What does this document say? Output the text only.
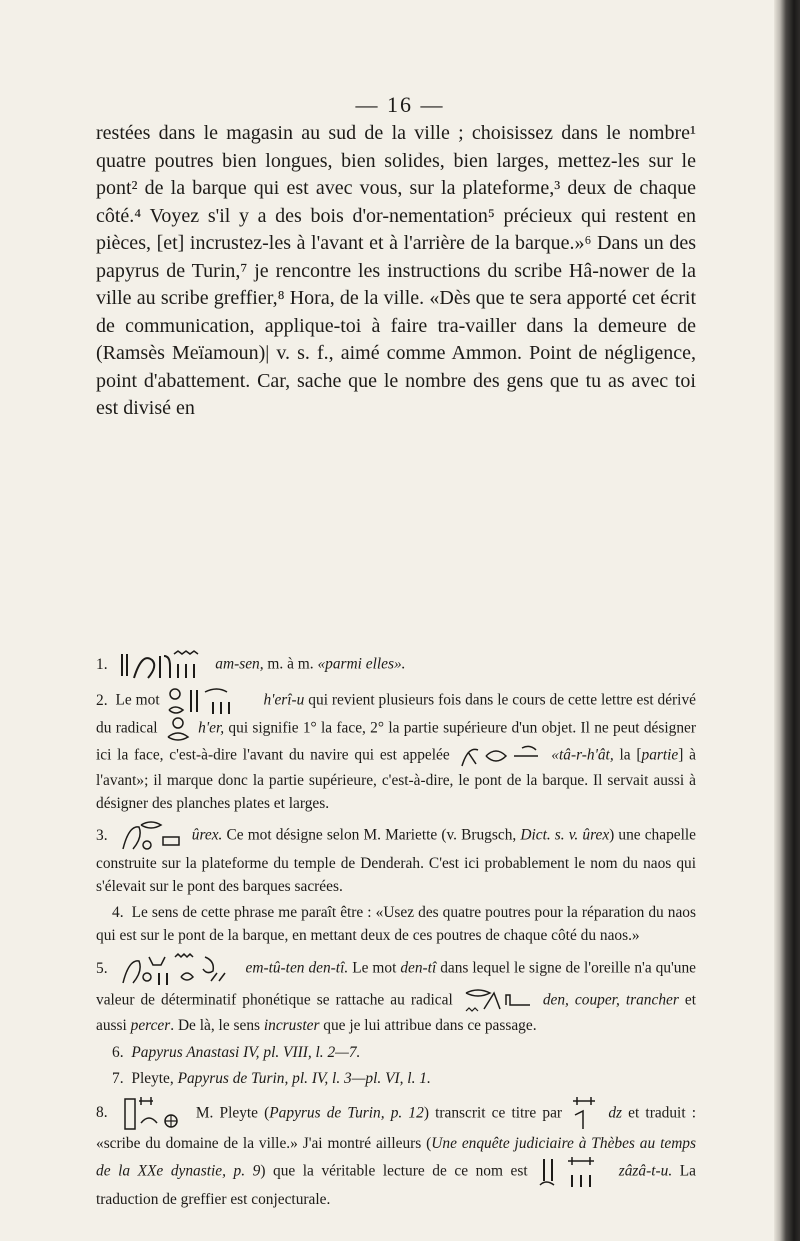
— 16 —

restées dans le magasin au sud de la ville ; choisissez dans le nombre¹ quatre poutres bien longues, bien solides, bien larges, mettez-les sur le pont² de la barque qui est avec vous, sur la plateforme,³ deux de chaque côté.⁴ Voyez s'il y a des bois d'or-nementation⁵ précieux qui restent en pièces, [et] incrustez-les à l'avant et à l'arrière de la barque.»⁶ Dans un des papyrus de Turin,⁷ je rencontre les instructions du scribe Hâ-nower de la ville au scribe greffier,⁸ Hora, de la ville. «Dès que te sera apporté cet écrit de communication, applique-toi à faire tra-vailler dans la demeure de (Ramsès Meïamoun)| v. s. f., aimé comme Ammon. Point de négligence, point d'abattement. Car, sache que le nombre des gens que tu as avec toi est divisé en

1.	am-sen, m. à m. «parmi elles».
2. Le mot	h'erî-u qui revient plusieurs fois dans le cours de cette lettre est dérivé du radical
h'er, qui signifie 1° la face, 2° la partie supérieure d'un objet. Il ne peut désigner ici la face, c'est-à-dire l'avant du navire qui est appelée	«tâ-r-h'ât, la [partie] à l'avant»; il marque donc la partie supérieure, c'est-à-dire, le pont de la barque. Il servait aussi à désigner des planches plates et larges.
3.	ûrex. Ce mot désigne selon M. Mariette (v. Brugsch, Dict. s. v. ûrex) une chapelle construite sur la plateforme du temple de Denderah. C'est ici probablement le nom du naos qui s'élevait sur le pont des barques sacrées.
4. Le sens de cette phrase me paraît être : «Usez des quatre poutres pour la réparation du naos qui est sur le pont de la barque, en mettant deux de ces poutres de chaque côté du naos.»
5.	em-tû-ten den-tî. Le mot den-tî dans lequel le signe de l'oreille n'a qu'une valeur de déterminatif phonétique se rattache au radical	den, couper, trancher et aussi percer. De là, le sens incruster que je lui attribue dans ce passage.
6. Papyrus Anastasi IV, pl. VIII, l. 2—7.
7. Pleyte, Papyrus de Turin, pl. IV, l. 3—pl. VI, l. 1.
8.	M. Pleyte (Papyrus de Turin, p. 12) transcrit ce titre par	dz et traduit : «scribe du domaine de la ville.» J'ai montré ailleurs (Une enquête judiciaire à Thèbes au temps de la XXe dynastie, p. 9) que la véritable lecture de ce nom est	zâzâ-t-u. La traduction de greffier est conjecturale.
